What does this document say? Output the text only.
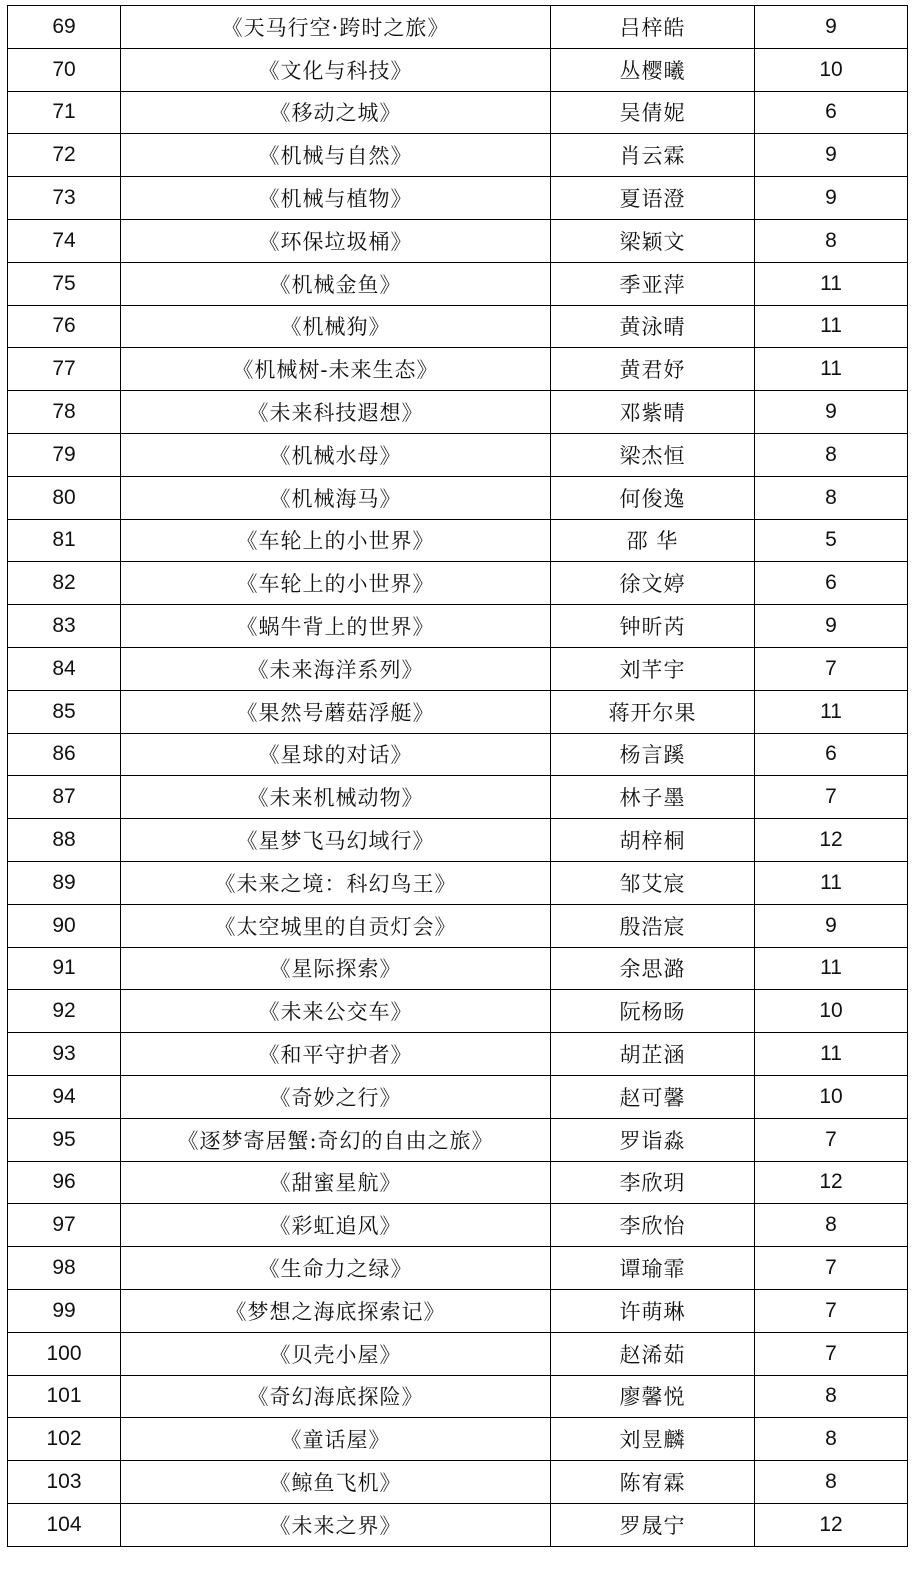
69	《天马行空·跨时之旅》	吕梓皓	9
70	《文化与科技》	丛樱曦	10
71	《移动之城》	吴倩妮	6
72	《机械与自然》	肖云霖	9
73	《机械与植物》	夏语澄	9
74	《环保垃圾桶》	梁颖文	8
75	《机械金鱼》	季亚萍	11
76	《机械狗》	黄泳晴	11
77	《机械树-未来生态》	黄君妤	11
78	《未来科技遐想》	邓紫晴	9
79	《机械水母》	梁杰恒	8
80	《机械海马》	何俊逸	8
81	《车轮上的小世界》	邵 华	5
82	《车轮上的小世界》	徐文婷	6
83	《蜗牛背上的世界》	钟昕芮	9
84	《未来海洋系列》	刘芊宇	7
85	《果然号蘑菇浮艇》	蒋开尔果	11
86	《星球的对话》	杨言蹊	6
87	《未来机械动物》	林子墨	7
88	《星梦飞马幻域行》	胡梓桐	12
89	《未来之境：科幻鸟王》	邹艾宸	11
90	《太空城里的自贡灯会》	殷浩宸	9
91	《星际探索》	余思潞	11
92	《未来公交车》	阮杨旸	10
93	《和平守护者》	胡芷涵	11
94	《奇妙之行》	赵可馨	10
95	《逐梦寄居蟹:奇幻的自由之旅》	罗诣淼	7
96	《甜蜜星航》	李欣玥	12
97	《彩虹追风》	李欣怡	8
98	《生命力之绿》	谭瑜霏	7
99	《梦想之海底探索记》	许萌琳	7
100	《贝壳小屋》	赵浠茹	7
101	《奇幻海底探险》	廖馨悦	8
102	《童话屋》	刘昱麟	8
103	《鲸鱼飞机》	陈宥霖	8
104	《未来之界》	罗晟宁	12
